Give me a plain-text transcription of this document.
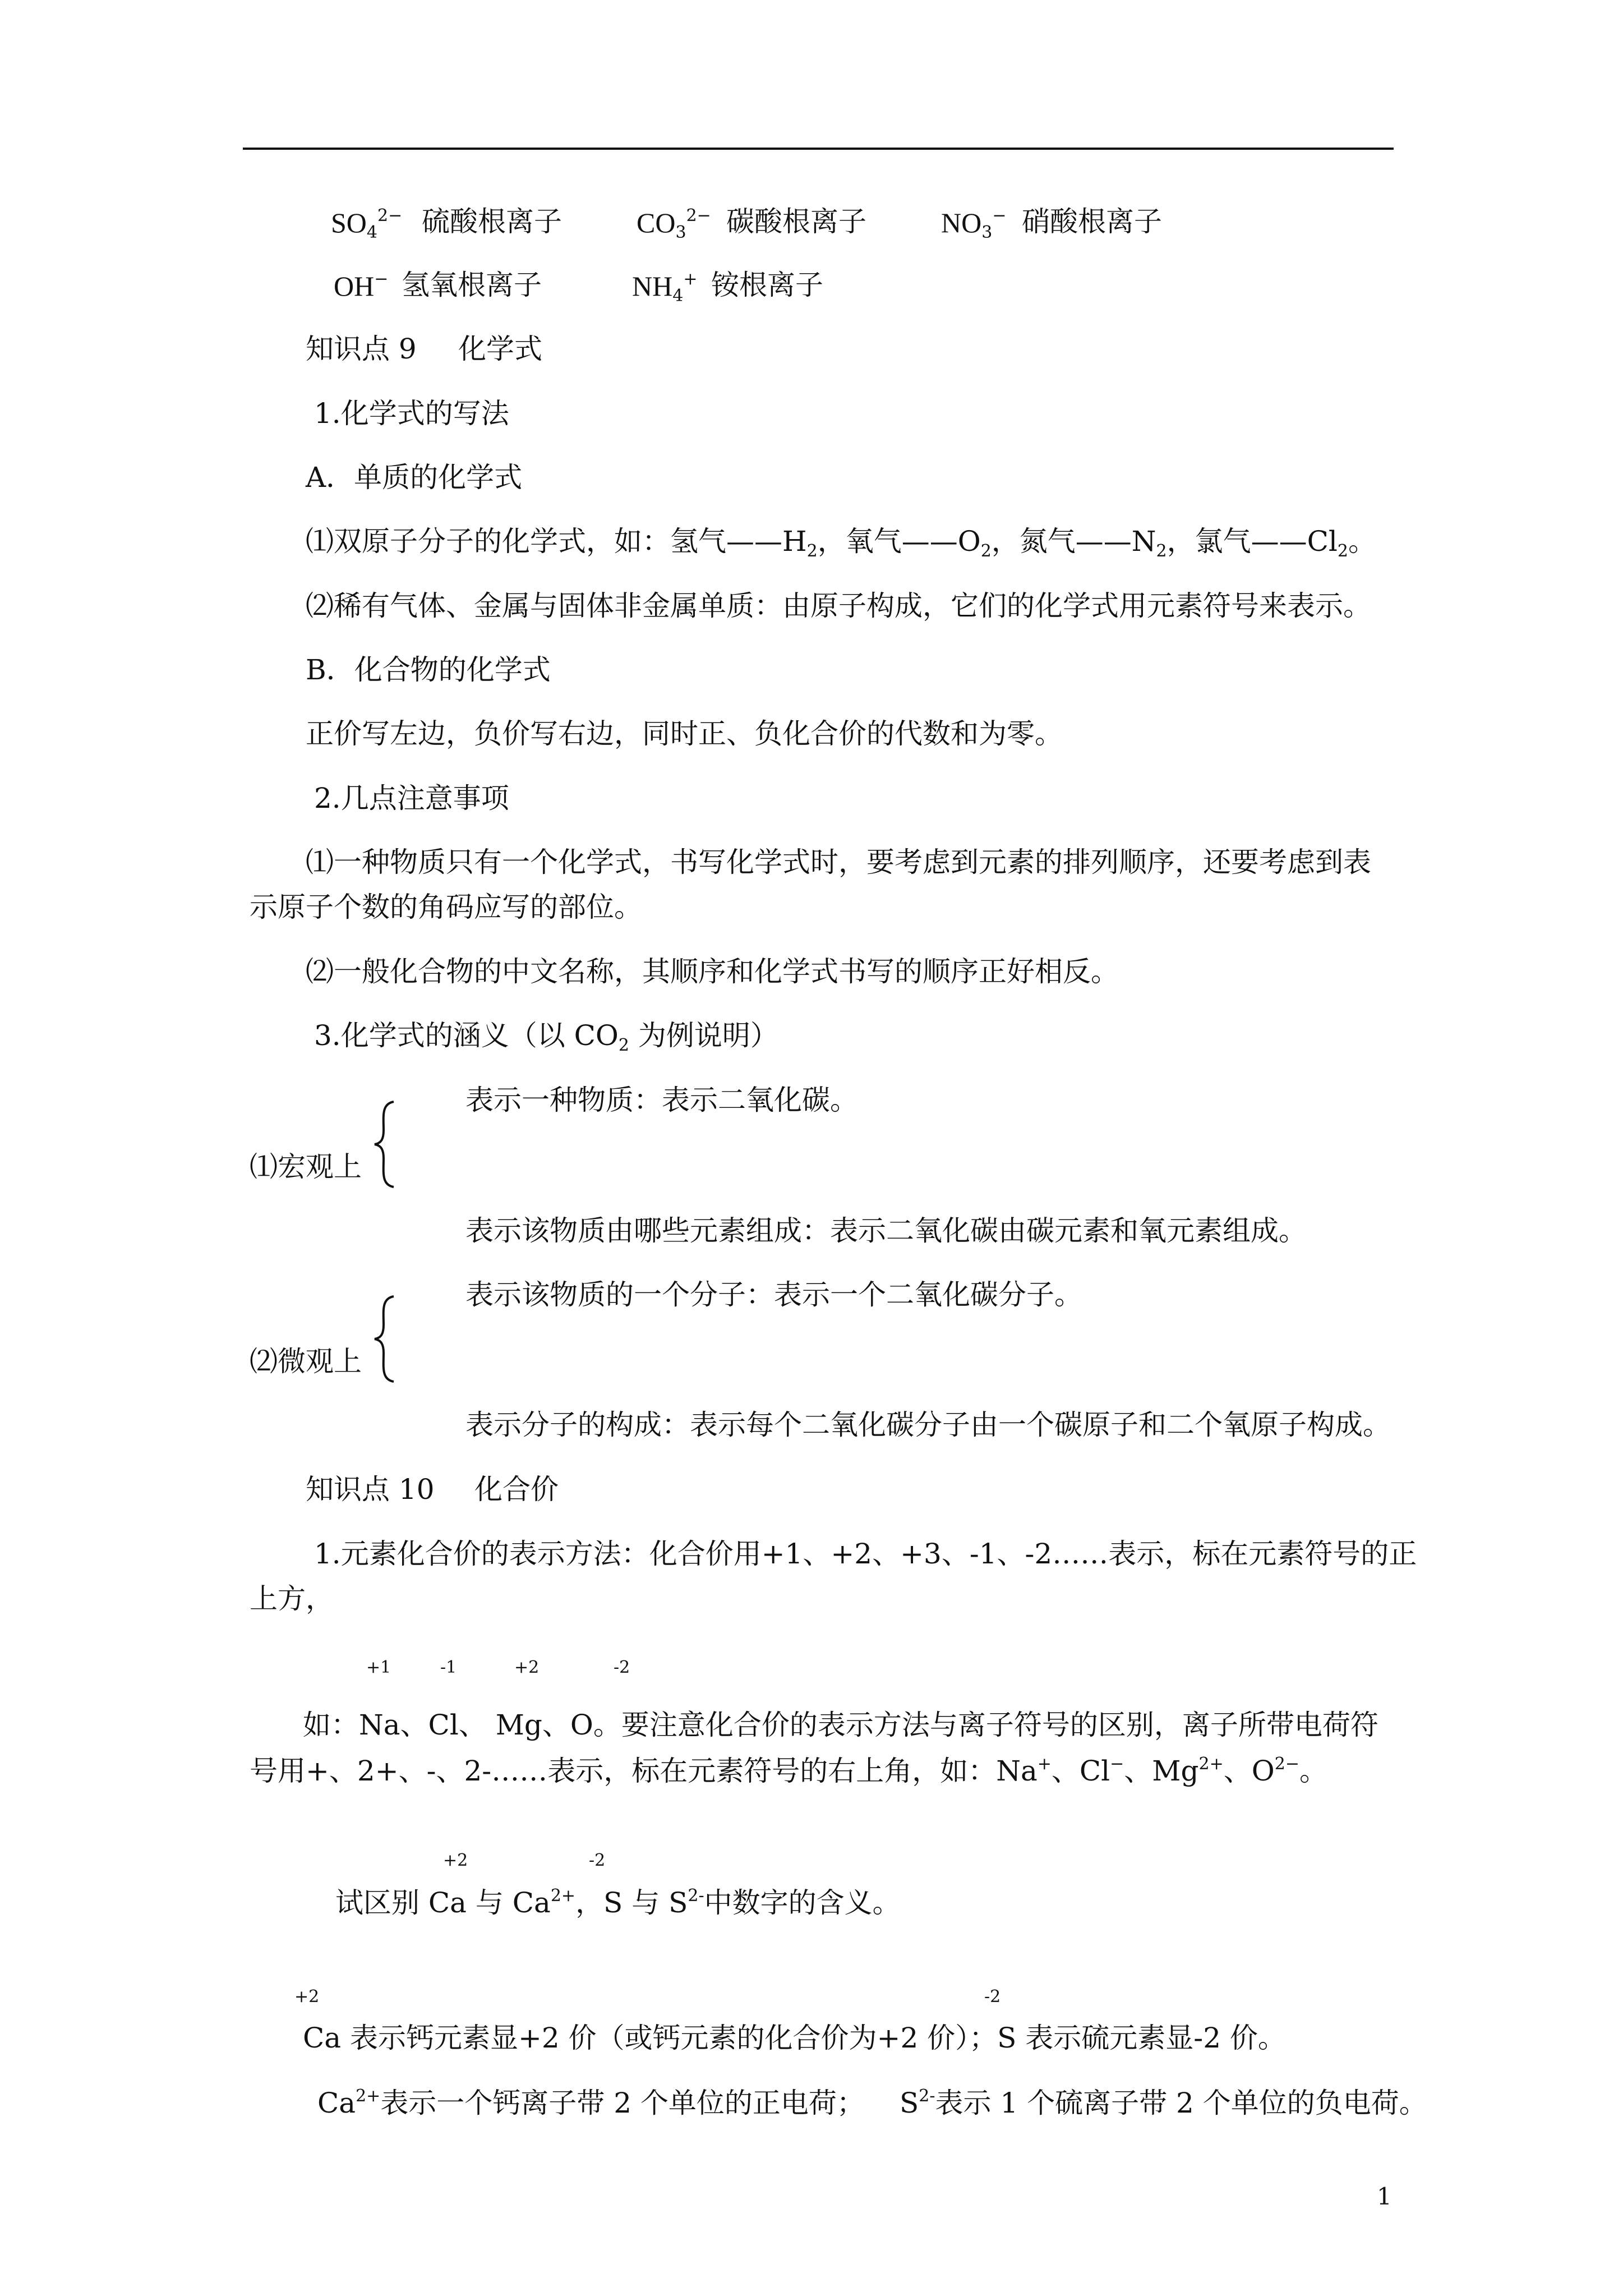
$SO_4^{2-}$ 硫酸根离子	$CO_3^{2-}$ 碳酸根离子	$NO_3^-$ 硝酸根离子
OH− 氢氧根离子	$NH_4^+$ 铵根离子
知识点 9 化学式
1.化学式的写法
A．单质的化学式
⑴双原子分子的化学式，如：氢气$——H_2$，氧气$——O_2$，氮气$——N_2$，氯气$——Cl_2$。
⑵稀有气体、金属与固体非金属单质：由原子构成，它们的化学式用元素符号来表示。
B．化合物的化学式
正价写左边，负价写右边，同时正、负化合价的代数和为零。
2.几点注意事项
⑴一种物质只有一个化学式，书写化学式时，要考虑到元素的排列顺序，还要考虑到表
示原子个数的角码应写的部位。
⑵一般化合物的中文名称，其顺序和化学式书写的顺序正好相反。
3.化学式的涵义（以 $CO_2$ 为例说明）
表示一种物质：表示二氧化碳。
⑴宏观上
表示该物质由哪些元素组成：表示二氧化碳由碳元素和氧元素组成。
表示该物质的一个分子：表示一个二氧化碳分子。
⑵微观上
表示分子的构成：表示每个二氧化碳分子由一个碳原子和二个氧原子构成。
知识点 10 化合价
1.元素化合价的表示方法：化合价用+1、+2、+3、-1、-2……表示，标在元素符号的正
上方，
+1	-1	+2	-2
如：Na、Cl、 Mg、O。要注意化合价的表示方法与离子符号的区别，离子所带电荷符
号用+、2+、-、2-……表示，标在元素符号的右上角，如：Na+、Cl−、$Mg^{2+}$、$O^{2-}$。
+2	-2
试区别 Ca 与 $Ca^{2+}$，S 与 $S^{2-}$中数字的含义。
+2	-2
Ca 表示钙元素显+2 价（或钙元素的化合价为+2 价）；S 表示硫元素显-2 价。
$Ca^{2+}$表示一个钙离子带 2 个单位的正电荷； $S^{2-}$表示 1 个硫离子带 2 个单位的负电荷。
1
